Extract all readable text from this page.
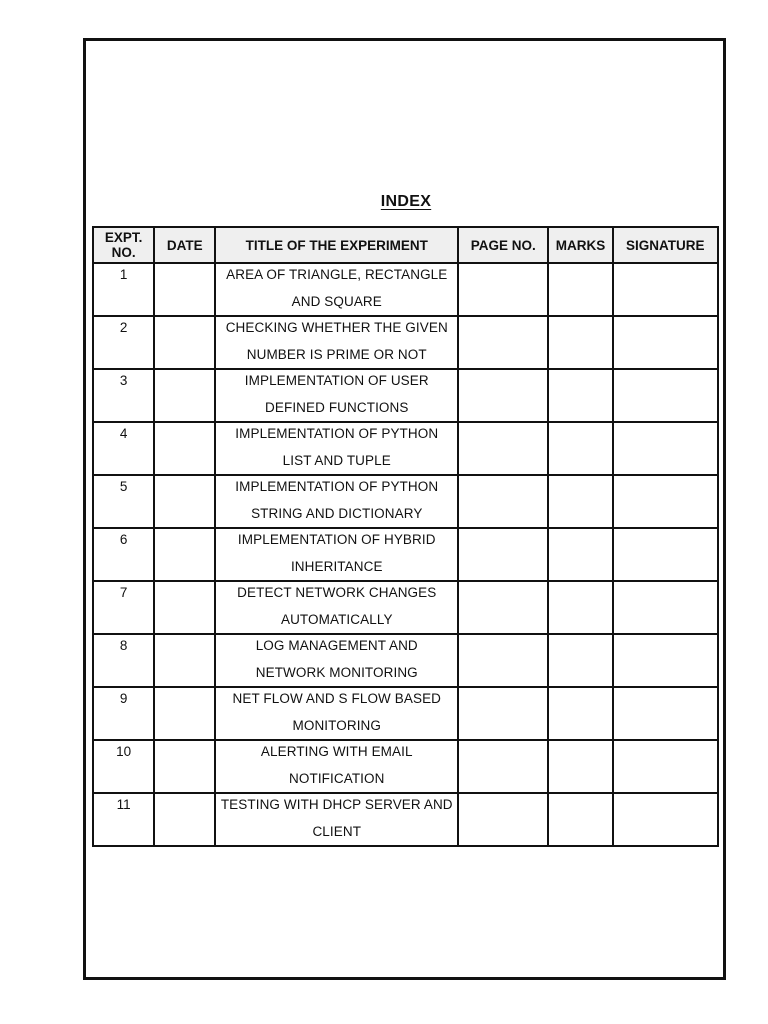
INDEX
EXPT. NO.	DATE	TITLE OF THE EXPERIMENT	PAGE NO.	MARKS	SIGNATURE

1		AREA OF TRIANGLE, RECTANGLE AND SQUARE			

2		CHECKING WHETHER THE GIVEN NUMBER IS PRIME OR NOT			

3		IMPLEMENTATION OF USER DEFINED FUNCTIONS			

4		IMPLEMENTATION OF PYTHON LIST AND TUPLE			

5		IMPLEMENTATION OF PYTHON STRING AND DICTIONARY			

6		IMPLEMENTATION OF HYBRID INHERITANCE			

7		DETECT NETWORK CHANGES AUTOMATICALLY			

8		LOG MANAGEMENT AND NETWORK MONITORING			

9		NET FLOW AND S FLOW BASED MONITORING			

10		ALERTING WITH EMAIL NOTIFICATION			

11		TESTING WITH DHCP SERVER AND CLIENT			
